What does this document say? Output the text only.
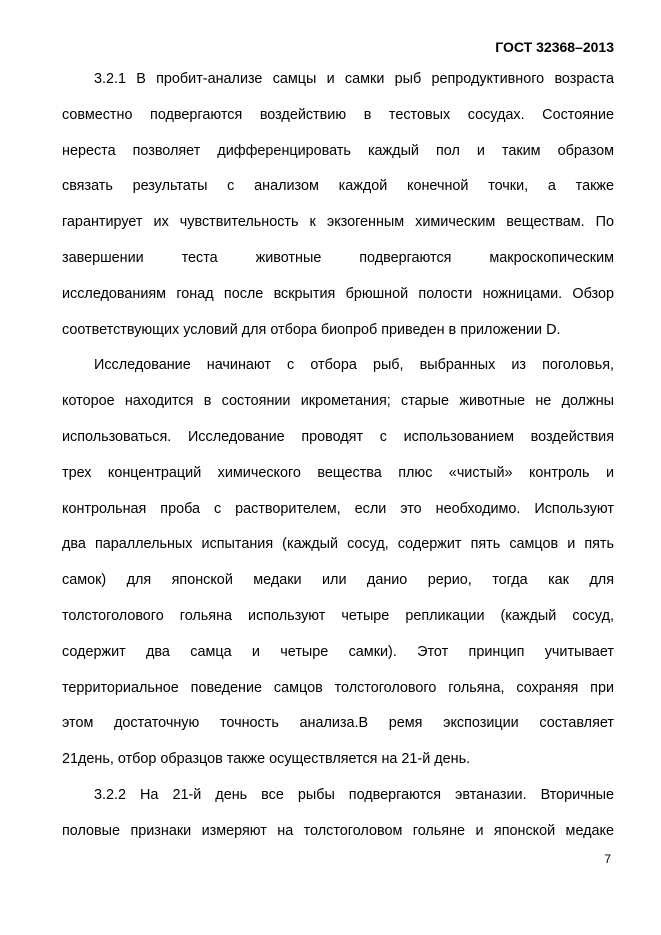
ГОСТ 32368–2013
3.2.1 В пробит-анализе самцы и самки рыб репродуктивного возраста
совместно подвергаются воздействию в тестовых сосудах. Состояние
нереста позволяет дифференцировать каждый пол и таким образом
связать результаты с анализом каждой конечной точки, а также
гарантирует их чувствительность к экзогенным химическим веществам. По
завершении теста животные подвергаются макроскопическим
исследованиям гонад после вскрытия брюшной полости ножницами. Обзор
соответствующих условий для отбора биопроб приведен в приложении D.
Исследование начинают с отбора рыб, выбранных из поголовья,
которое находится в состоянии икрометания; старые животные не должны
использоваться. Исследование проводят с использованием воздействия
трех концентраций химического вещества плюс «чистый» контроль и
контрольная проба с растворителем, если это необходимо. Используют
два параллельных испытания (каждый сосуд, содержит пять самцов и пять
самок) для японской медаки или данио рерио, тогда как для
толстоголового гольяна используют четыре репликации (каждый сосуд,
содержит два самца и четыре самки). Этот принцип учитывает
территориальное поведение самцов толстоголового гольяна, сохраняя при
этом достаточную точность анализа.В ремя экспозиции составляет
21день, отбор образцов также осуществляется на 21-й день.
3.2.2 На 21-й день все рыбы подвергаются эвтаназии. Вторичные
половые признаки измеряют на толстоголовом гольяне и японской медаке
7
